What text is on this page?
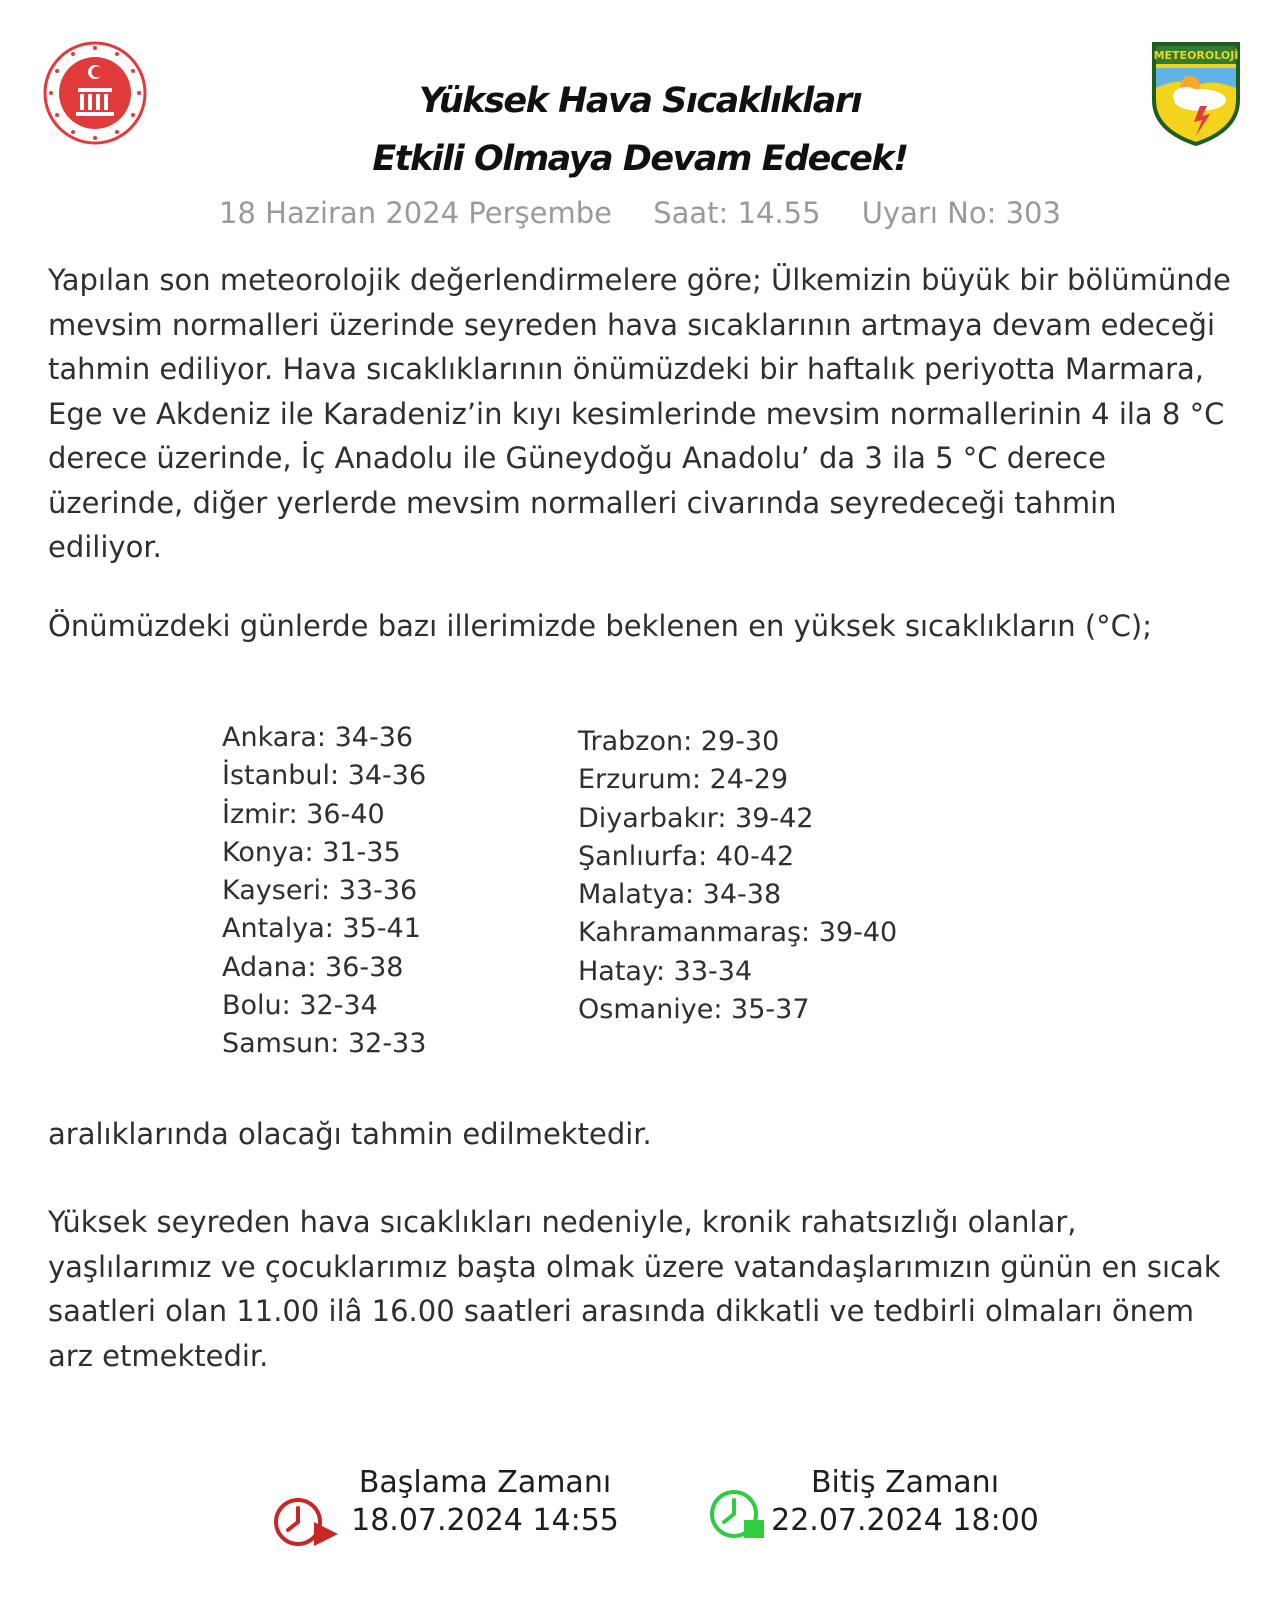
METEOROLOJİ
Yüksek Hava Sıcaklıkları
Etkili Olmaya Devam Edecek!
18 Haziran 2024 Perşembe Saat: 14.55 Uyarı No: 303

Yapılan son meteorolojik değerlendirmelere göre; Ülkemizin büyük bir bölümünde mevsim normalleri üzerinde seyreden hava sıcaklarının artmaya devam edeceği tahmin ediliyor. Hava sıcaklıklarının önümüzdeki bir haftalık periyotta Marmara, Ege ve Akdeniz ile Karadeniz’in kıyı kesimlerinde mevsim normallerinin 4 ila 8 °C derece üzerinde, İç Anadolu ile Güneydoğu Anadolu’ da 3 ila 5 °C derece üzerinde, diğer yerlerde mevsim normalleri civarında seyredeceği tahmin ediliyor.

Önümüzdeki günlerde bazı illerimizde beklenen en yüksek sıcaklıkların (°C);

Ankara: 34-36
İstanbul: 34-36
İzmir: 36-40
Konya: 31-35
Kayseri: 33-36
Antalya: 35-41
Adana: 36-38
Bolu: 32-34
Samsun: 32-33
Trabzon: 29-30
Erzurum: 24-29
Diyarbakır: 39-42
Şanlıurfa: 40-42
Malatya: 34-38
Kahramanmaraş: 39-40
Hatay: 33-34
Osmaniye: 35-37

aralıklarında olacağı tahmin edilmektedir.

Yüksek seyreden hava sıcaklıkları nedeniyle, kronik rahatsızlığı olanlar, yaşlılarımız ve çocuklarımız başta olmak üzere vatandaşlarımızın günün en sıcak saatleri olan 11.00 ilâ 16.00 saatleri arasında dikkatli ve tedbirli olmaları önem arz etmektedir.

Başlama Zamanı
18.07.2024 14:55
Bitiş Zamanı
22.07.2024 18:00
